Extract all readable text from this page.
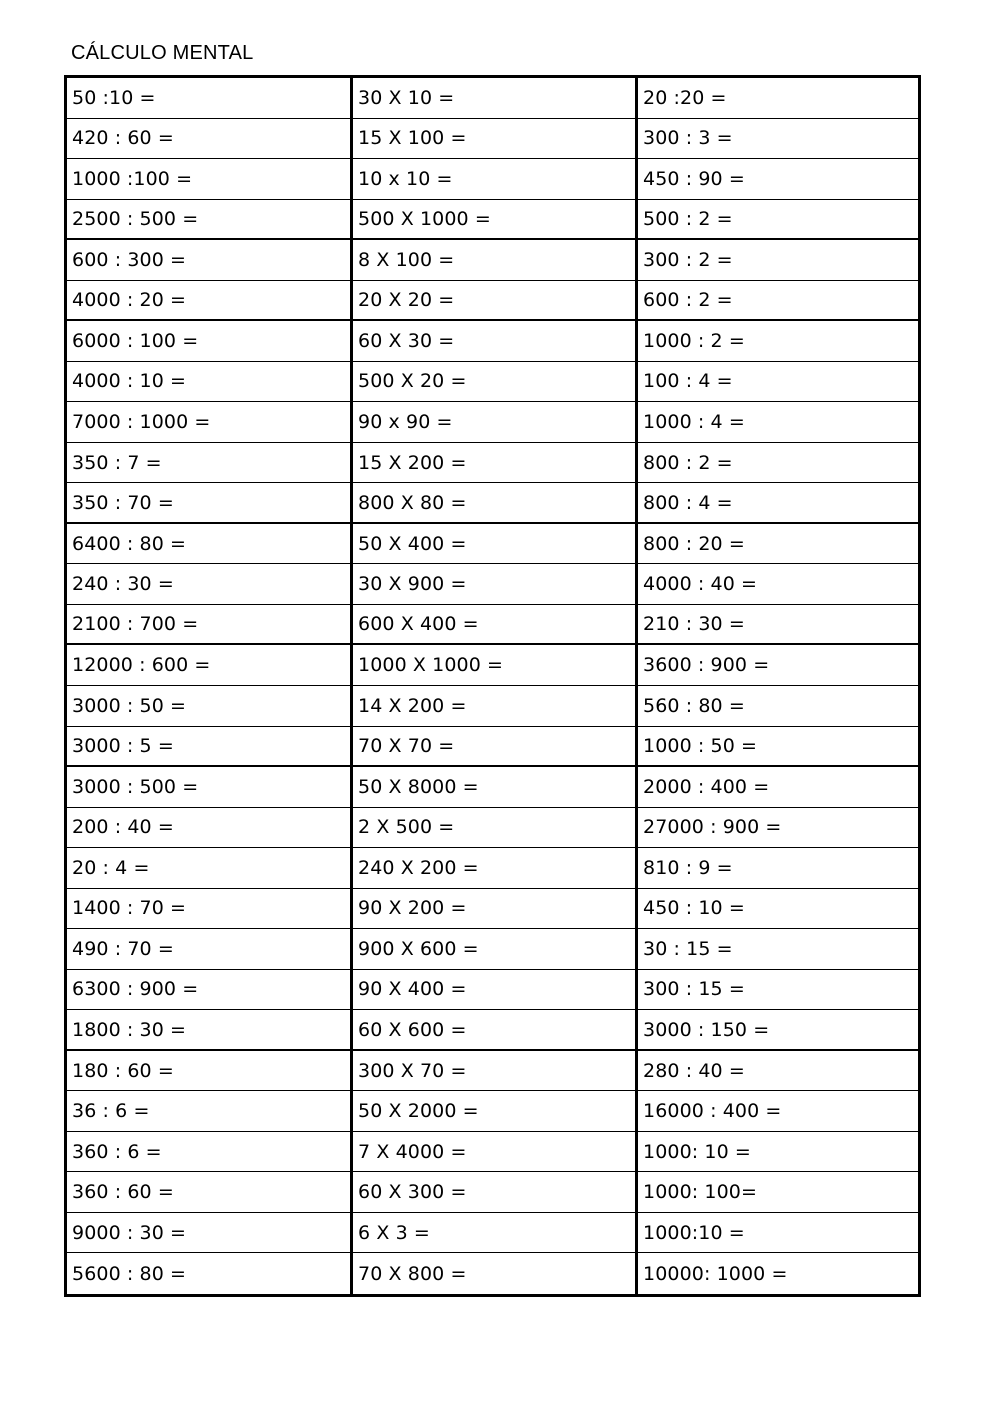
CÁLCULO MENTAL
50 :10 =
420 : 60 =
1000 :100 =
2500 : 500 =
600 : 300 =
4000 : 20 =
6000 : 100 =
4000 : 10 =
7000 : 1000 =
350 : 7 =
350 : 70 =
6400 : 80 =
240 : 30 =
2100 : 700 =
12000 : 600 =
3000 : 50 =
3000 : 5 =
3000 : 500 =
200 : 40 =
20 : 4 =
1400 : 70 =
490 : 70 =
6300 : 900 =
1800 : 30 =
180 : 60 =
36 : 6 =
360 : 6 =
360 : 60 =
9000 : 30 =
5600 : 80 =
30 X 10 =
15 X 100 =
10 x 10 =
500 X 1000 =
8 X 100 =
20 X 20 =
60 X 30 =
500 X 20 =
90 x 90 =
15 X 200 =
800 X 80 =
50 X 400 =
30 X 900 =
600 X 400 =
1000 X 1000 =
14 X 200 =
70 X 70 =
50 X 8000 =
2 X 500 =
240 X 200 =
90 X 200 =
900 X 600 =
90 X 400 =
60 X 600 =
300 X 70 =
50 X 2000 =
7 X 4000 =
60 X 300 =
6 X 3 =
70 X 800 =
20 :20 =
300 : 3 =
450 : 90 =
500 : 2 =
300 : 2 =
600 : 2 =
1000 : 2 =
100 : 4 =
1000 : 4 =
800 : 2 =
800 : 4 =
800 : 20 =
4000 : 40 =
210 : 30 =
3600 : 900 =
560 : 80 =
1000 : 50 =
2000 : 400 =
27000 : 900 =
810 : 9 =
450 : 10 =
30 : 15 =
300 : 15 =
3000 : 150 =
280 : 40 =
16000 : 400 =
1000: 10 =
1000: 100=
1000:10 =
10000: 1000 =
